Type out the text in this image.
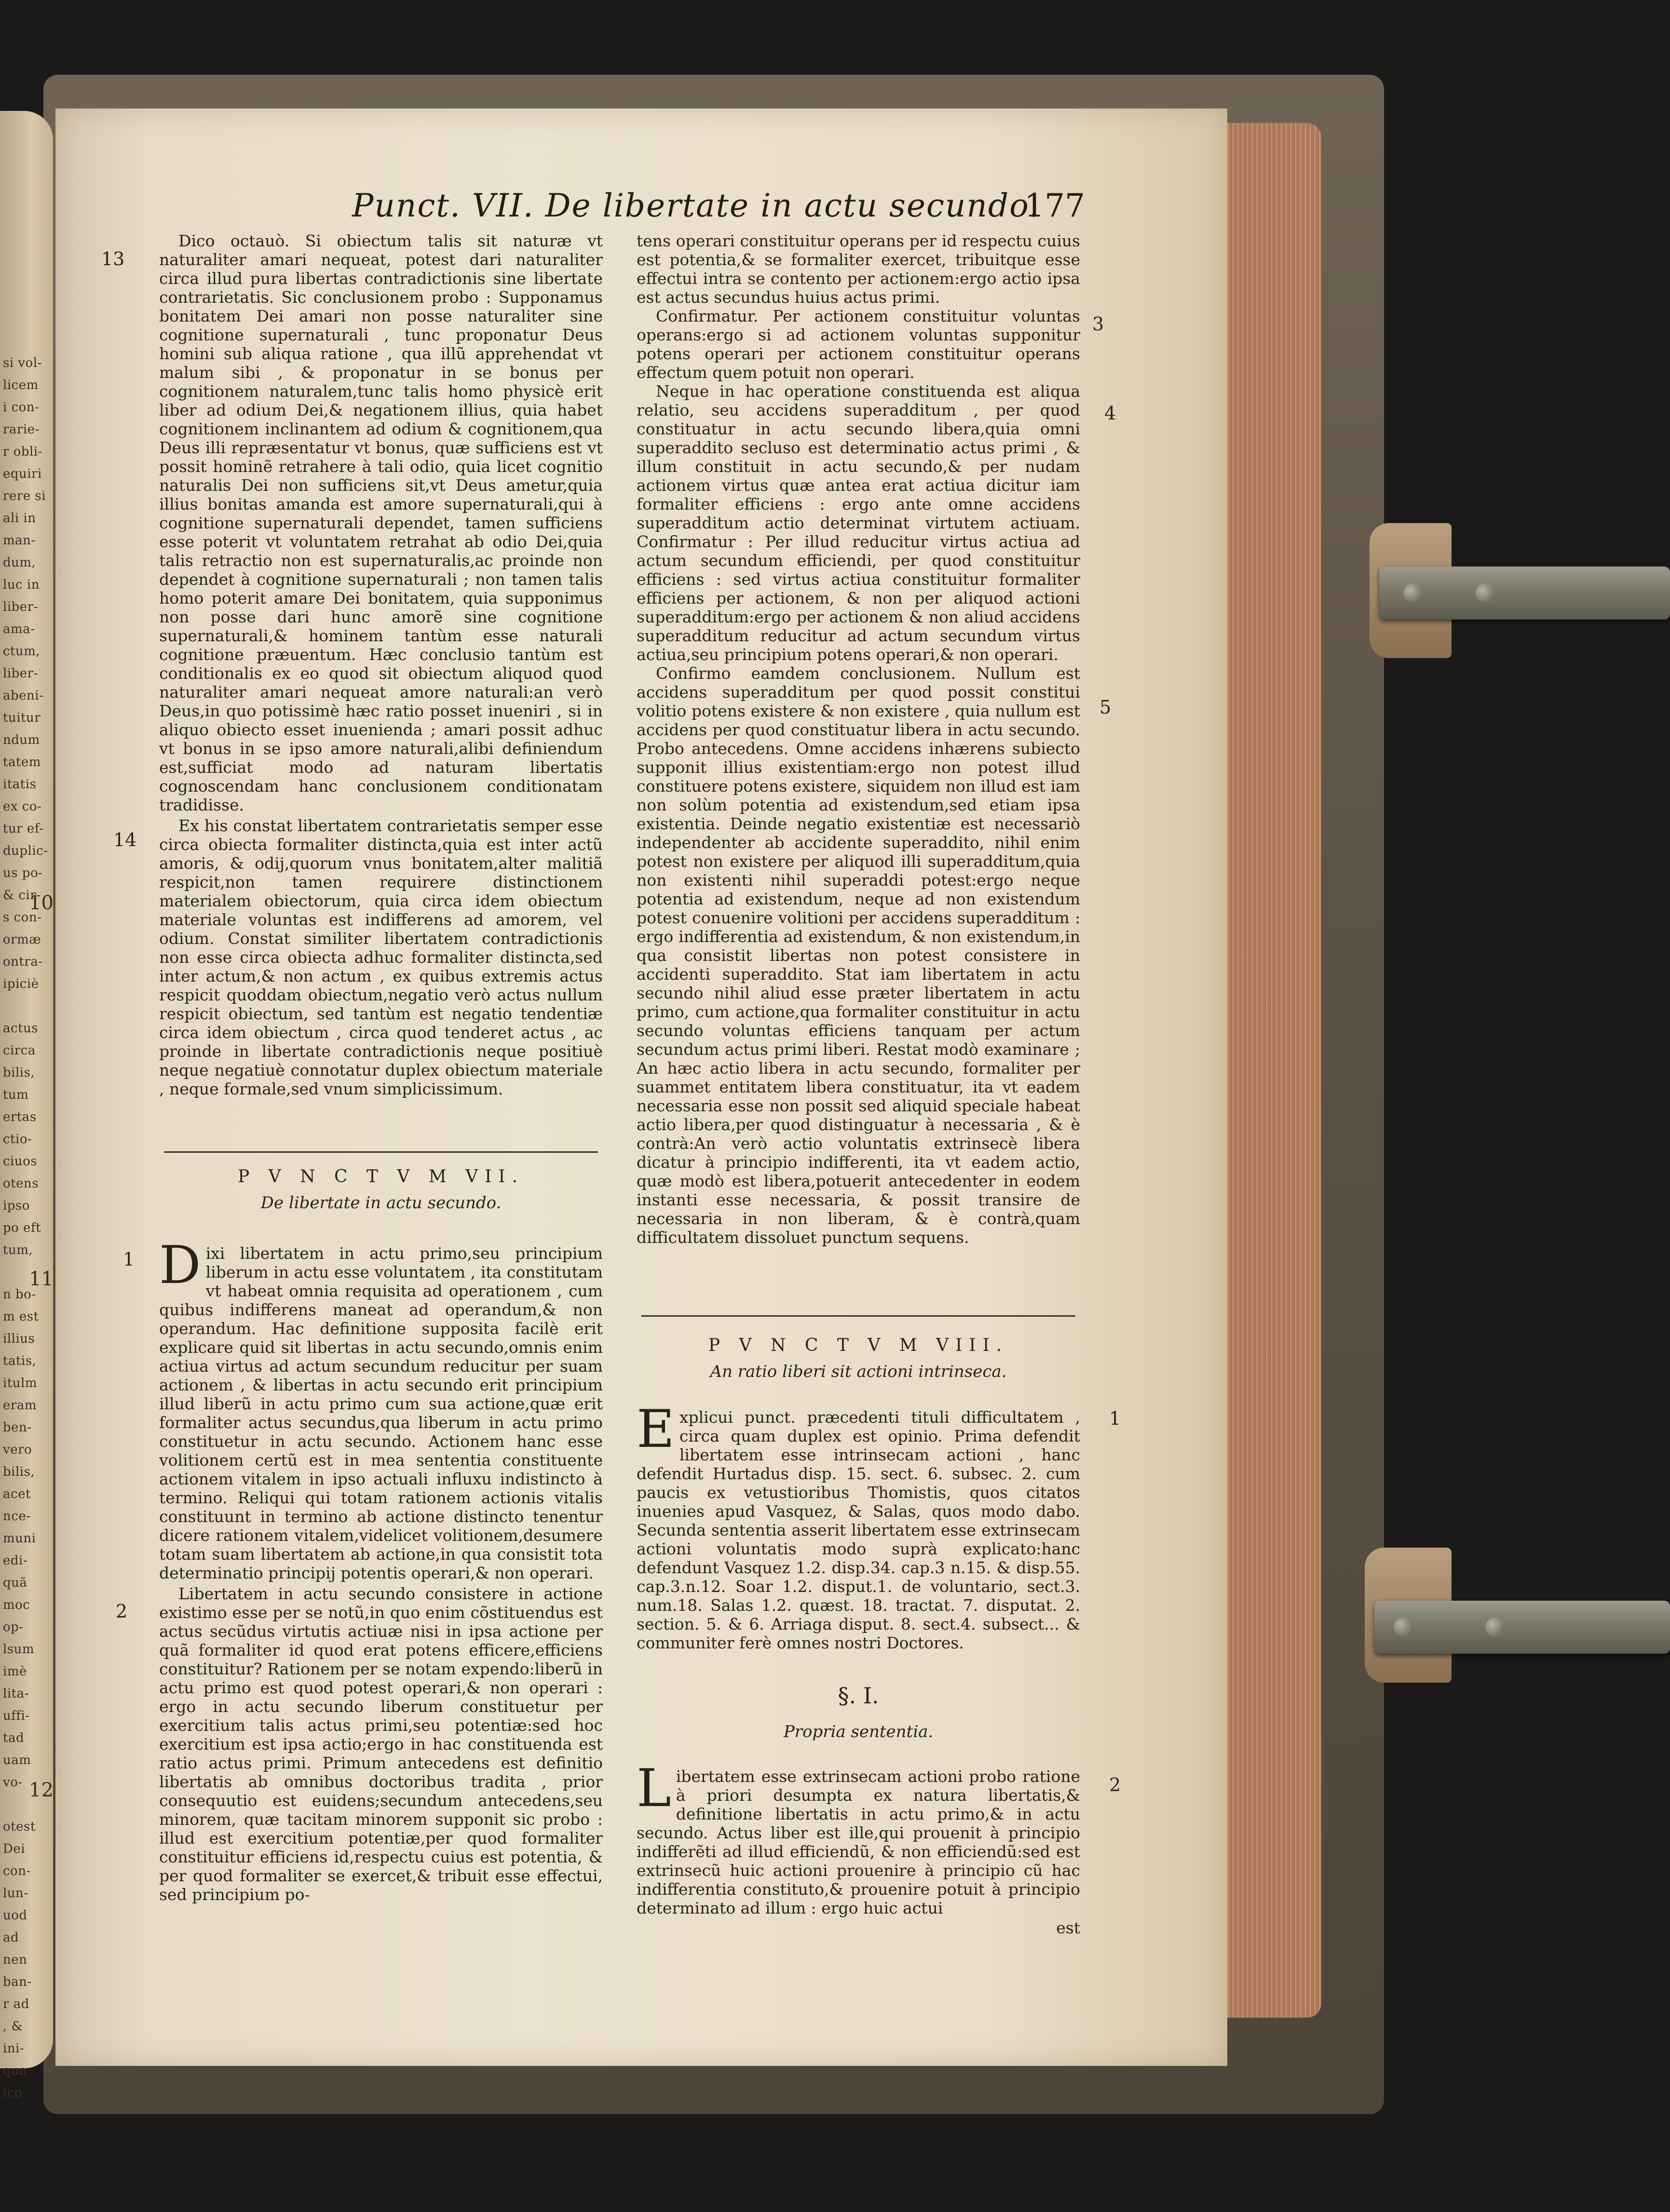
si vol-
licem
i con-
rarie-
r obli-
equiri
rere si
ali in
man-
dum,
luc in
liber-
ama-
ctum,
liber-
abeni-
tuitur
ndum
tatem
itatis
ex co-
tur ef-
duplic-
us po-
& cir-
s con-
ormæ
ontra-
ipiciè

actus
circa
bilis,
tum
ertas
ctio-
ciuos
otens
ipso
po eft
tum,

n bo-
m est
illius
tatis,
itulm
eram
ben-
vero
bilis,
acet
nce-
muni
edi-
quã
moc
op-
lsum
imè
lita-
uffi-
tad
uam
vo-

otest
Dei
con-
lun-
uod
ad
nen
ban-
r ad
, &
ini-
qua
ico
10
11
12
Punct. VII. De libertate in actu secundo.
177
13
14
1
2
3
4
5
1
2

Dico octauò. Si obiectum talis sit naturæ vt naturaliter amari nequeat, potest dari naturaliter circa illud pura libertas contradictionis sine libertate contrarietatis. Sic conclusionem probo : Supponamus bonitatem Dei amari non posse naturaliter sine cognitione supernaturali , tunc proponatur Deus homini sub aliqua ratione , qua illũ apprehendat vt malum sibi , & proponatur in se bonus per cognitionem naturalem,tunc talis homo physicè erit liber ad odium Dei,& negationem illius, quia habet cognitionem inclinantem ad odium & cognitionem,qua Deus illi repræsentatur vt bonus, quæ sufficiens est vt possit hominẽ retrahere à tali odio, quia licet cognitio naturalis Dei non sufficiens sit,vt Deus ametur,quia illius bonitas amanda est amore supernaturali,qui à cognitione supernaturali dependet, tamen sufficiens esse poterit vt voluntatem retrahat ab odio Dei,quia talis retractio non est supernaturalis,ac proinde non dependet à cognitione supernaturali ; non tamen talis homo poterit amare Dei bonitatem, quia supponimus non posse dari hunc amorẽ sine cognitione supernaturali,& hominem tantùm esse naturali cognitione præuentum. Hæc conclusio tantùm est conditionalis ex eo quod sit obiectum aliquod quod naturaliter amari nequeat amore naturali:an verò Deus,in quo potissimè hæc ratio posset inueniri , si in aliquo obiecto esset inuenienda ; amari possit adhuc vt bonus in se ipso amore naturali,alibi definiendum est,sufficiat modo ad naturam libertatis cognoscendam hanc conclusionem conditionatam tradidisse.

Ex his constat libertatem contrarietatis semper esse circa obiecta formaliter distincta,quia est inter actũ amoris, & odij,quorum vnus bonitatem,alter malitiã respicit,non tamen requirere distinctionem materialem obiectorum, quia circa idem obiectum materiale voluntas est indifferens ad amorem, vel odium. Constat similiter libertatem contradictionis non esse circa obiecta adhuc formaliter distincta,sed inter actum,& non actum , ex quibus extremis actus respicit quoddam obiectum,negatio verò actus nullum respicit obiectum, sed tantùm est negatio tendentiæ circa idem obiectum , circa quod tenderet actus , ac proinde in libertate contradictionis neque positiuè neque negatiuè connotatur duplex obiectum materiale , neque formale,sed vnum simplicissimum.

P V N C T V M VII.
De libertate in actu secundo.

Dixi libertatem in actu primo,seu principium liberum in actu esse voluntatem , ita constitutam vt habeat omnia requisita ad operationem , cum quibus indifferens maneat ad operandum,& non operandum. Hac definitione supposita facilè erit explicare quid sit libertas in actu secundo,omnis enim actiua virtus ad actum secundum reducitur per suam actionem , & libertas in actu secundo erit principium illud liberũ in actu primo cum sua actione,quæ erit formaliter actus secundus,qua liberum in actu primo constituetur in actu secundo. Actionem hanc esse volitionem certũ est in mea sententia constituente actionem vitalem in ipso actuali influxu indistincto à termino. Reliqui qui totam rationem actionis vitalis constituunt in termino ab actione distincto tenentur dicere rationem vitalem,videlicet volitionem,desumere totam suam libertatem ab actione,in qua consistit tota determinatio principij potentis operari,& non operari.

Libertatem in actu secundo consistere in actione existimo esse per se notũ,in quo enim cõstituendus est actus secũdus virtutis actiuæ nisi in ipsa actione per quã formaliter id quod erat potens efficere,efficiens constituitur? Rationem per se notam expendo:liberũ in actu primo est quod potest operari,& non operari : ergo in actu secundo liberum constituetur per exercitium talis actus primi,seu potentiæ:sed hoc exercitium est ipsa actio;ergo in hac constituenda est ratio actus primi. Primum antecedens est definitio libertatis ab omnibus doctoribus tradita , prior consequutio est euidens;secundum antecedens,seu minorem, quæ tacitam minorem supponit sic probo : illud est exercitium potentiæ,per quod formaliter constituitur efficiens id,respectu cuius est potentia, & per quod formaliter se exercet,& tribuit esse effectui, sed principium po-

tens operari constituitur operans per id respectu cuius est potentia,& se formaliter exercet, tribuitque esse effectui intra se contento per actionem:ergo actio ipsa est actus secundus huius actus primi.

Confirmatur. Per actionem constituitur voluntas operans:ergo si ad actionem voluntas supponitur potens operari per actionem constituitur operans effectum quem potuit non operari.

Neque in hac operatione constituenda est aliqua relatio, seu accidens superadditum , per quod constituatur in actu secundo libera,quia omni superaddito secluso est determinatio actus primi , & illum constituit in actu secundo,& per nudam actionem virtus quæ antea erat actiua dicitur iam formaliter efficiens : ergo ante omne accidens superadditum actio determinat virtutem actiuam. Confirmatur : Per illud reducitur virtus actiua ad actum secundum efficiendi, per quod constituitur efficiens : sed virtus actiua constituitur formaliter efficiens per actionem, & non per aliquod actioni superadditum:ergo per actionem & non aliud accidens superadditum reducitur ad actum secundum virtus actiua,seu principium potens operari,& non operari.

Confirmo eamdem conclusionem. Nullum est accidens superadditum per quod possit constitui volitio potens existere & non existere , quia nullum est accidens per quod constituatur libera in actu secundo. Probo antecedens. Omne accidens inhærens subiecto supponit illius existentiam:ergo non potest illud constituere potens existere, siquidem non illud est iam non solùm potentia ad existendum,sed etiam ipsa existentia. Deinde negatio existentiæ est necessariò independenter ab accidente superaddito, nihil enim potest non existere per aliquod illi superadditum,quia non existenti nihil superaddi potest:ergo neque potentia ad existendum, neque ad non existendum potest conuenire volitioni per accidens superadditum : ergo indifferentia ad existendum, & non existendum,in qua consistit libertas non potest consistere in accidenti superaddito. Stat iam libertatem in actu secundo nihil aliud esse præter libertatem in actu primo, cum actione,qua formaliter constituitur in actu secundo voluntas efficiens tanquam per actum secundum actus primi liberi. Restat modò examinare ; An hæc actio libera in actu secundo, formaliter per suammet entitatem libera constituatur, ita vt eadem necessaria esse non possit sed aliquid speciale habeat actio libera,per quod distinguatur à necessaria , & è contrà:An verò actio voluntatis extrinsecè libera dicatur à principio indifferenti, ita vt eadem actio, quæ modò est libera,potuerit antecedenter in eodem instanti esse necessaria, & possit transire de necessaria in non liberam, & è contrà,quam difficultatem dissoluet punctum sequens.

P V N C T V M VIII.
An ratio liberi sit actioni intrinseca.

Explicui punct. præcedenti tituli difficultatem , circa quam duplex est opinio. Prima defendit libertatem esse intrinsecam actioni , hanc defendit Hurtadus disp. 15. sect. 6. subsec. 2. cum paucis ex vetustioribus Thomistis, quos citatos inuenies apud Vasquez, & Salas, quos modo dabo. Secunda sententia asserit libertatem esse extrinsecam actioni voluntatis modo suprà explicato:hanc defendunt Vasquez 1.2. disp.34. cap.3 n.15. & disp.55. cap.3.n.12. Soar 1.2. disput.1. de voluntario, sect.3. num.18. Salas 1.2. quæst. 18. tractat. 7. disputat. 2. section. 5. & 6. Arriaga disput. 8. sect.4. subsect... & communiter ferè omnes nostri Doctores.

§. I.
Propria sententia.

Libertatem esse extrinsecam actioni probo ratione à priori desumpta ex natura libertatis,& definitione libertatis in actu primo,& in actu secundo. Actus liber est ille,qui prouenit à principio indifferẽti ad illud efficiendũ, & non efficiendũ:sed est extrinsecũ huic actioni prouenire à principio cũ hac indifferentia constituto,& prouenire potuit à principio determinato ad illum : ergo huic actui

est
